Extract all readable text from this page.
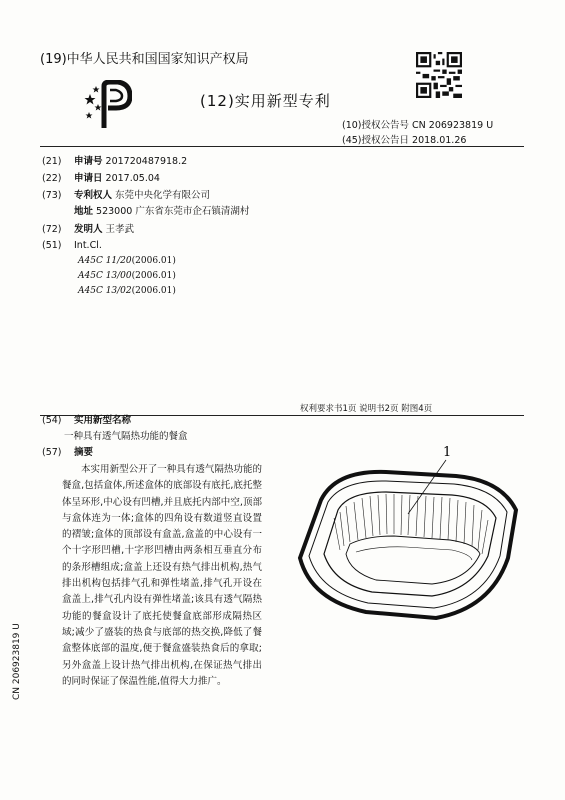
(19)中华人民共和国国家知识产权局
(12)实用新型专利
(10)授权公告号 CN 206923819 U
(45)授权公告日 2018.01.26
(21) 申请号 201720487918.2
(22) 申请日 2017.05.04
(73) 专利权人 东莞中央化学有限公司
地址 523000 广东省东莞市企石镇清湖村
(72) 发明人 王孝武
(51) Int.Cl.
A45C 11/20(2006.01)
A45C 13/00(2006.01)
A45C 13/02(2006.01)
权利要求书1页 说明书2页 附图4页
(54) 实用新型名称
一种具有透气隔热功能的餐盒
(57) 摘要
本实用新型公开了一种具有透气隔热功能的餐盒,包括盒体,所述盒体的底部设有底托,底托整体呈环形,中心设有凹槽,并且底托内部中空,顶部与盒体连为一体;盒体的四角设有数道竖直设置的褶皱;盒体的顶部设有盒盖,盒盖的中心设有一个十字形凹槽,十字形凹槽由两条相互垂直分布的条形槽组成;盒盖上还设有热气排出机构,热气排出机构包括排气孔和弹性堵盖,排气孔开设在盒盖上,排气孔内设有弹性堵盖;该具有透气隔热功能的餐盒设计了底托使餐盒底部形成隔热区域;减少了盛装的热食与底部的热交换,降低了餐盒整体底部的温度,便于餐盒盛装热食后的拿取;另外盒盖上设计热气排出机构,在保证热气排出的同时保证了保温性能,值得大力推广。
1
CN 206923819 U
